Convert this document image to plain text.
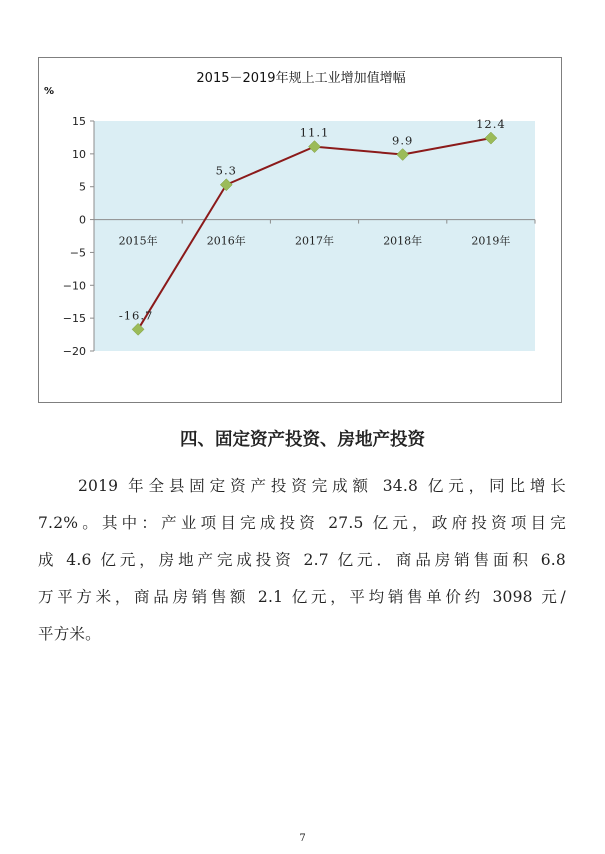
2015－2019年规上工业增加值增幅
%
15
10
5
0
−5
−10
−15
−20
2015年	2016年	2017年	2018年	2019年
-16.7
5.3
11.1
9.9
12.4
四、固定资产投资、房地产投资
2019 年全县固定资产投资完成额 34.8 亿元，同比增长
7.2%。其中：产业项目完成投资 27.5 亿元，政府投资项目完
成 4.6 亿元，房地产完成投资 2.7 亿元．商品房销售面积 6.8
万平方米，商品房销售额 2.1 亿元，平均销售单价约 3098 元/
平方米。
7
